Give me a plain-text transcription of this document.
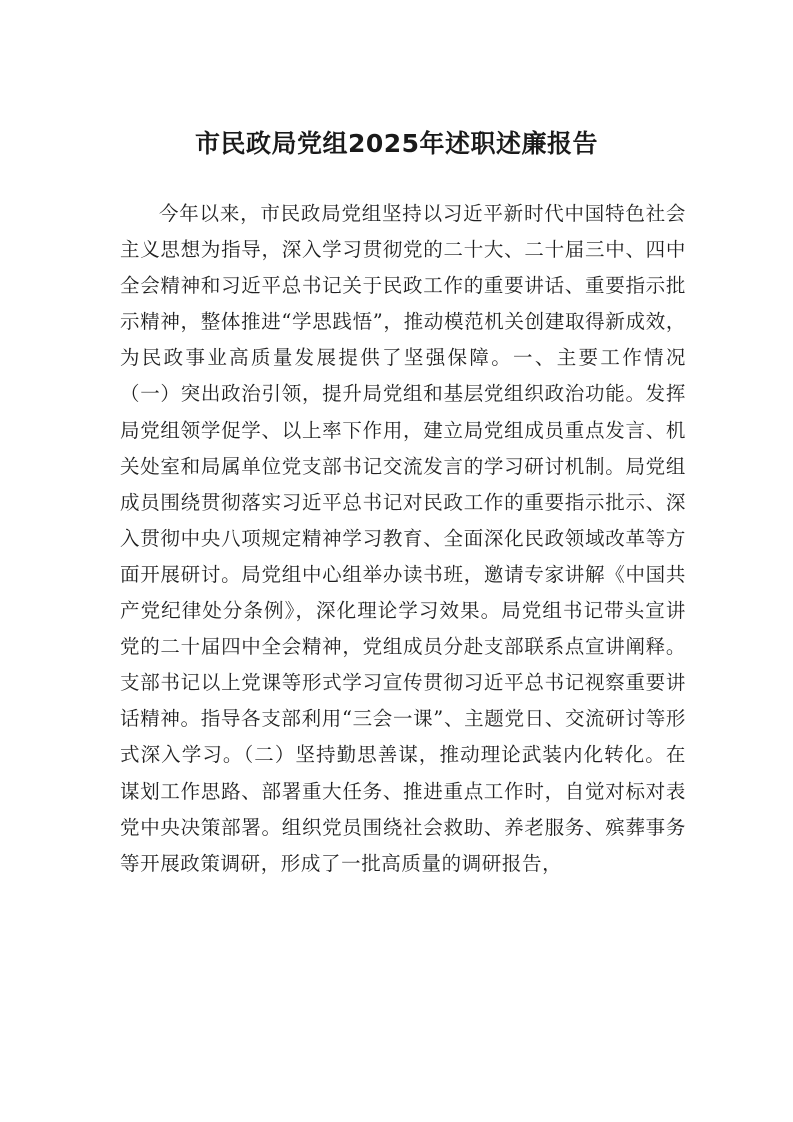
市民政局党组2025年述职述廉报告

今年以来，市民政局党组坚持以习近平新时代中国特色社会主义思想为指导，深入学习贯彻党的二十大、二十届三中、四中全会精神和习近平总书记关于民政工作的重要讲话、重要指示批示精神，整体推进“学思践悟”，推动模范机关创建取得新成效，为民政事业高质量发展提供了坚强保障。一、主要工作情况（一）突出政治引领，提升局党组和基层党组织政治功能。发挥局党组领学促学、以上率下作用，建立局党组成员重点发言、机关处室和局属单位党支部书记交流发言的学习研讨机制。局党组成员围绕贯彻落实习近平总书记对民政工作的重要指示批示、深入贯彻中央八项规定精神学习教育、全面深化民政领域改革等方面开展研讨。局党组中心组举办读书班，邀请专家讲解《中国共产党纪律处分条例》，深化理论学习效果。局党组书记带头宣讲党的二十届四中全会精神，党组成员分赴支部联系点宣讲阐释。支部书记以上党课等形式学习宣传贯彻习近平总书记视察重要讲话精神。指导各支部利用“三会一课”、主题党日、交流研讨等形式深入学习。（二）坚持勤思善谋，推动理论武装内化转化。在谋划工作思路、部署重大任务、推进重点工作时，自觉对标对表党中央决策部署。组织党员围绕社会救助、养老服务、殡葬事务等开展政策调研，形成了一批高质量的调研报告，
